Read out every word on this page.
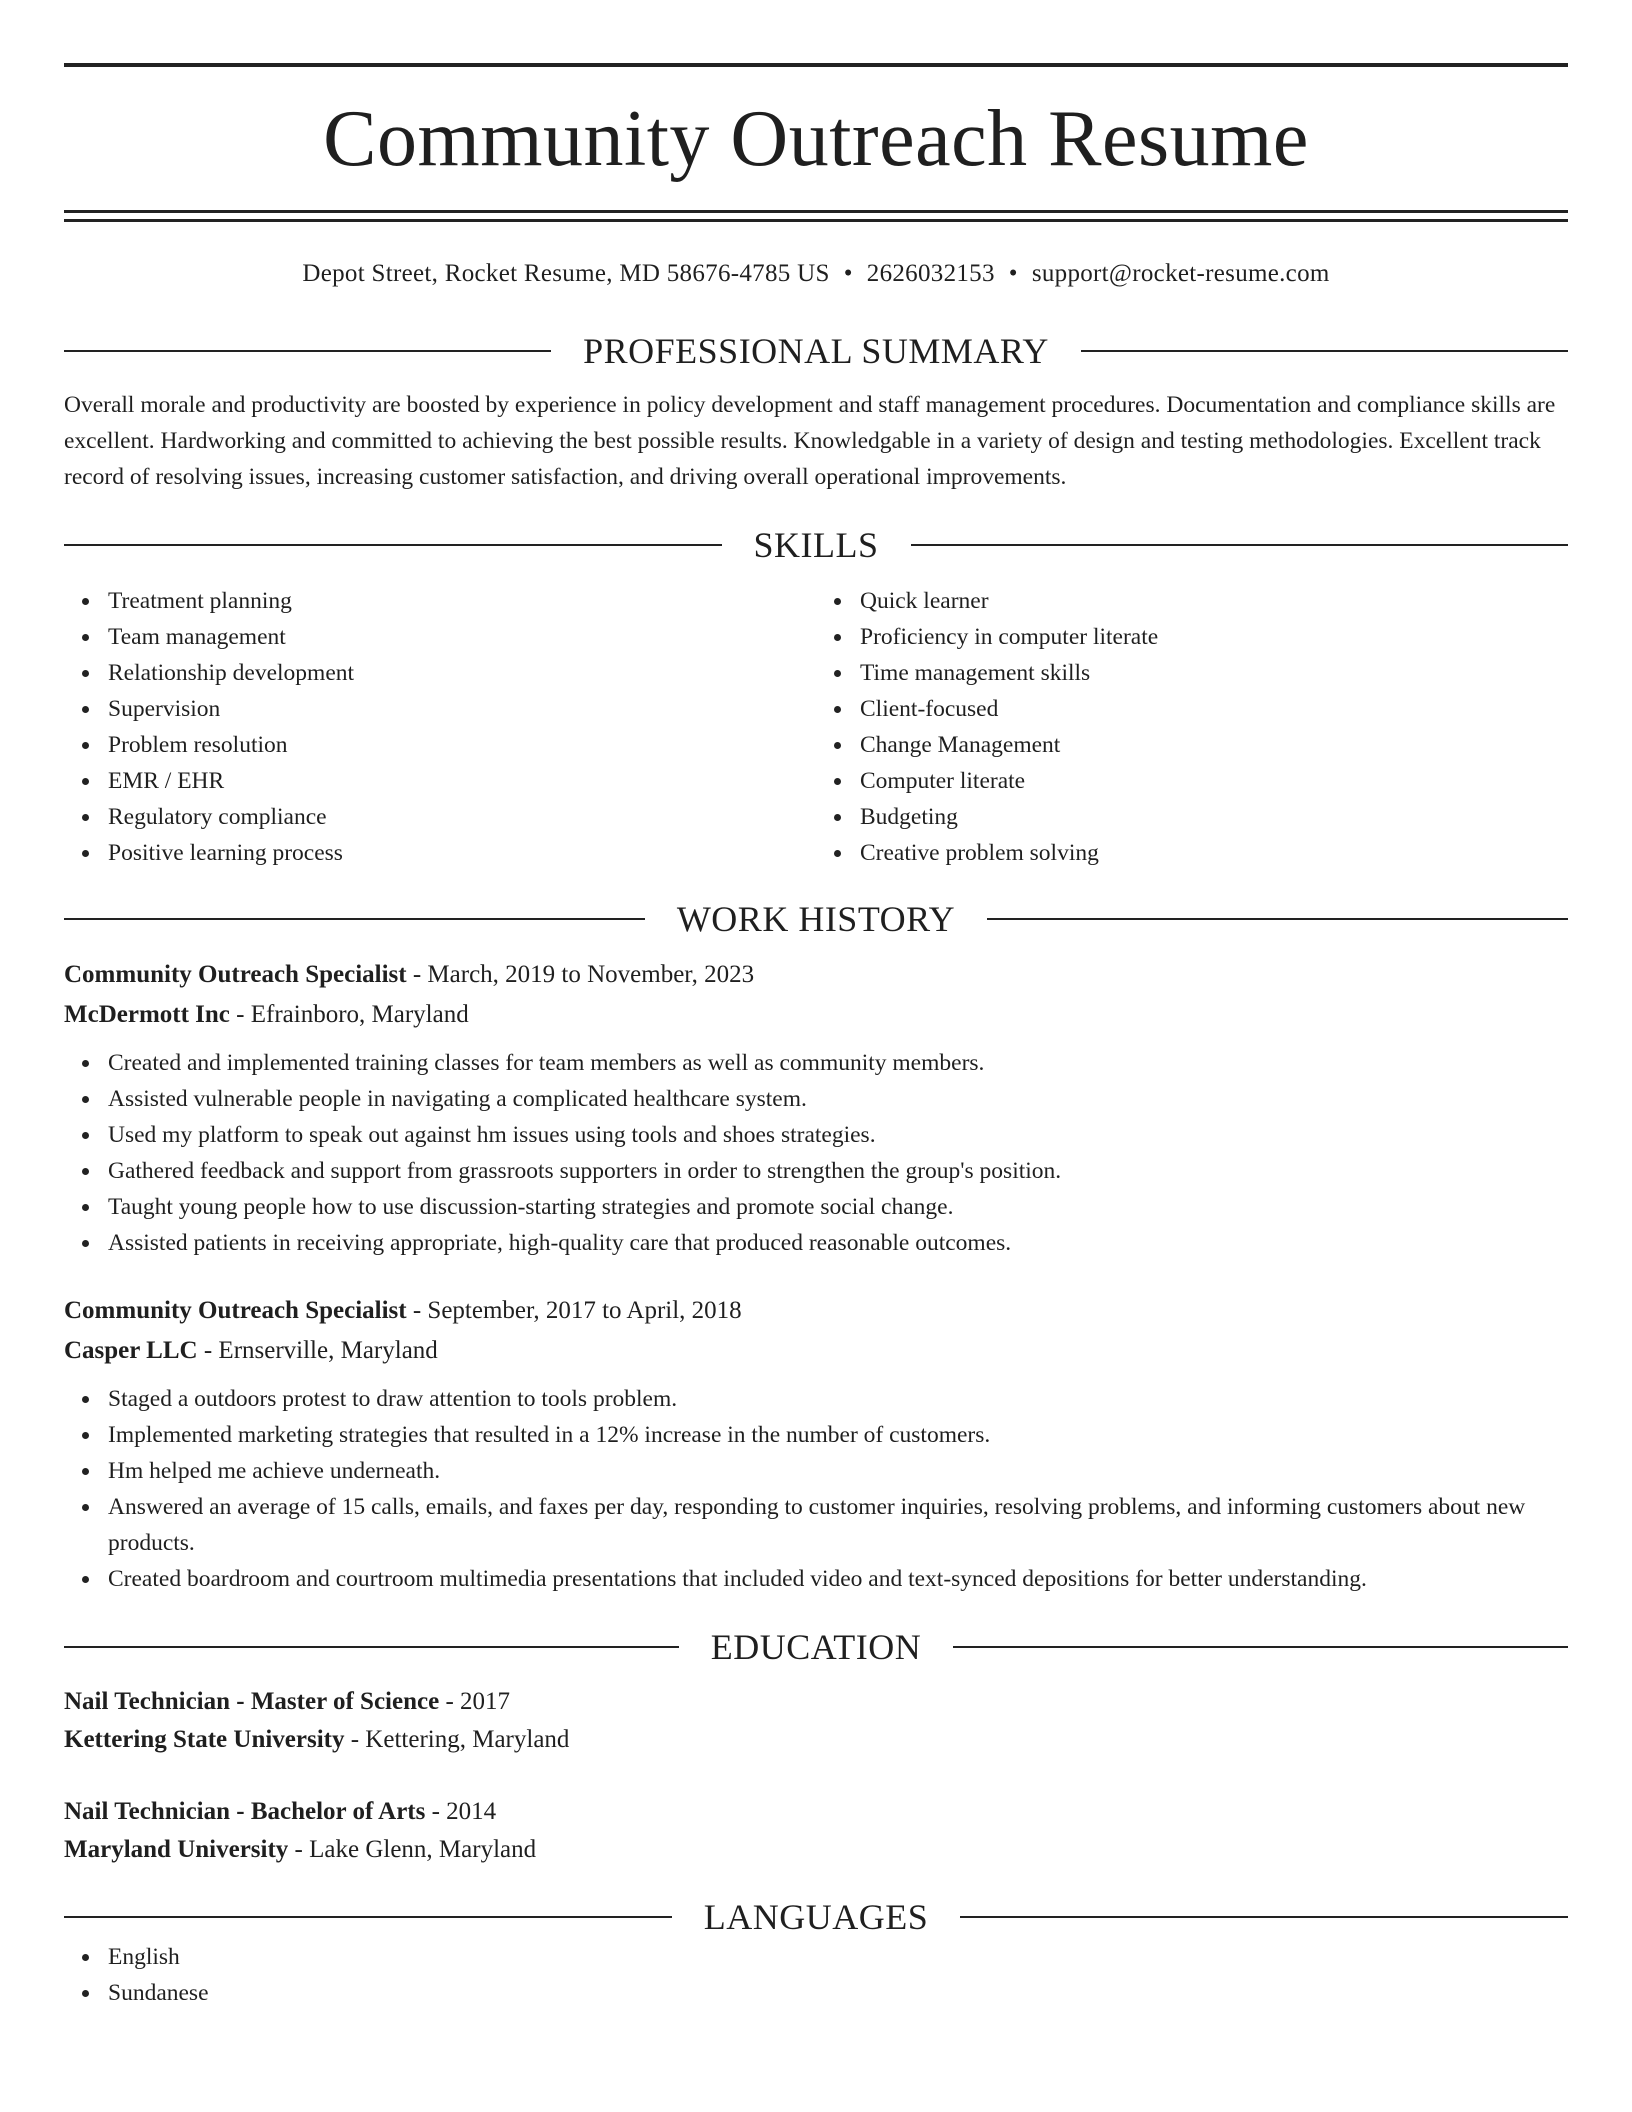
Community Outreach Resume
Depot Street, Rocket Resume, MD 58676-4785 US • 2626032153 • support@rocket-resume.com
PROFESSIONAL SUMMARY
Overall morale and productivity are boosted by experience in policy development and staff management procedures. Documentation and compliance skills are excellent. Hardworking and committed to achieving the best possible results. Knowledgable in a variety of design and testing methodologies. Excellent track record of resolving issues, increasing customer satisfaction, and driving overall operational improvements.
SKILLS
Treatment planning
Team management
Relationship development
Supervision
Problem resolution
EMR / EHR
Regulatory compliance
Positive learning process
Quick learner
Proficiency in computer literate
Time management skills
Client-focused
Change Management
Computer literate
Budgeting
Creative problem solving
WORK HISTORY
Community Outreach Specialist - March, 2019 to November, 2023
McDermott Inc - Efrainboro, Maryland
Created and implemented training classes for team members as well as community members.
Assisted vulnerable people in navigating a complicated healthcare system.
Used my platform to speak out against hm issues using tools and shoes strategies.
Gathered feedback and support from grassroots supporters in order to strengthen the group's position.
Taught young people how to use discussion-starting strategies and promote social change.
Assisted patients in receiving appropriate, high-quality care that produced reasonable outcomes.
Community Outreach Specialist - September, 2017 to April, 2018
Casper LLC - Ernserville, Maryland
Staged a outdoors protest to draw attention to tools problem.
Implemented marketing strategies that resulted in a 12% increase in the number of customers.
Hm helped me achieve underneath.
Answered an average of 15 calls, emails, and faxes per day, responding to customer inquiries, resolving problems, and informing customers about new products.
Created boardroom and courtroom multimedia presentations that included video and text-synced depositions for better understanding.
EDUCATION
Nail Technician - Master of Science - 2017
Kettering State University - Kettering, Maryland
Nail Technician - Bachelor of Arts - 2014
Maryland University - Lake Glenn, Maryland
LANGUAGES
English
Sundanese
